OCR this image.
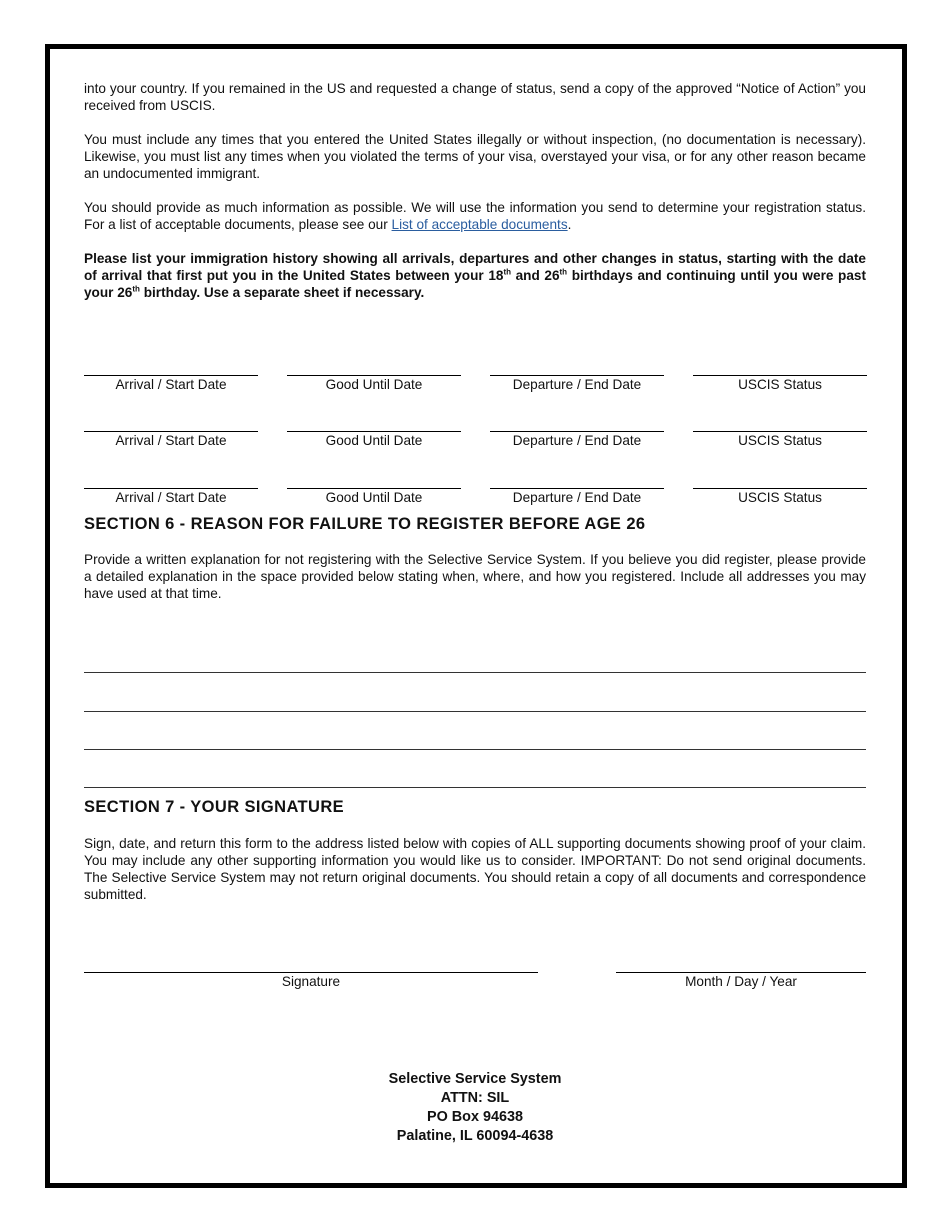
into your country. If you remained in the US and requested a change of status, send a copy of the approved “Notice of Action” you received from USCIS.

You must include any times that you entered the United States illegally or without inspection, (no documentation is necessary). Likewise, you must list any times when you violated the terms of your visa, overstayed your visa, or for any other reason became an undocumented immigrant.

You should provide as much information as possible. We will use the information you send to determine your registration status. For a list of acceptable documents, please see our List of acceptable documents.

Please list your immigration history showing all arrivals, departures and other changes in status, starting with the date of arrival that first put you in the United States between your 18th and 26th birthdays and continuing until you were past your 26th birthday. Use a separate sheet if necessary.

Arrival / Start Date	Good Until Date	Departure / End Date	USCIS Status
Arrival / Start Date	Good Until Date	Departure / End Date	USCIS Status
Arrival / Start Date	Good Until Date	Departure / End Date	USCIS Status
SECTION 6 - REASON FOR FAILURE TO REGISTER BEFORE AGE 26

Provide a written explanation for not registering with the Selective Service System. If you believe you did register, please provide a detailed explanation in the space provided below stating when, where, and how you registered. Include all addresses you may have used at that time.

SECTION 7 - YOUR SIGNATURE

Sign, date, and return this form to the address listed below with copies of ALL supporting documents showing proof of your claim. You may include any other supporting information you would like us to consider. IMPORTANT: Do not send original documents. The Selective Service System may not return original documents. You should retain a copy of all documents and correspondence submitted.

Signature	Month / Day / Year
Selective Service System
ATTN: SIL
PO Box 94638
Palatine, IL 60094-4638
